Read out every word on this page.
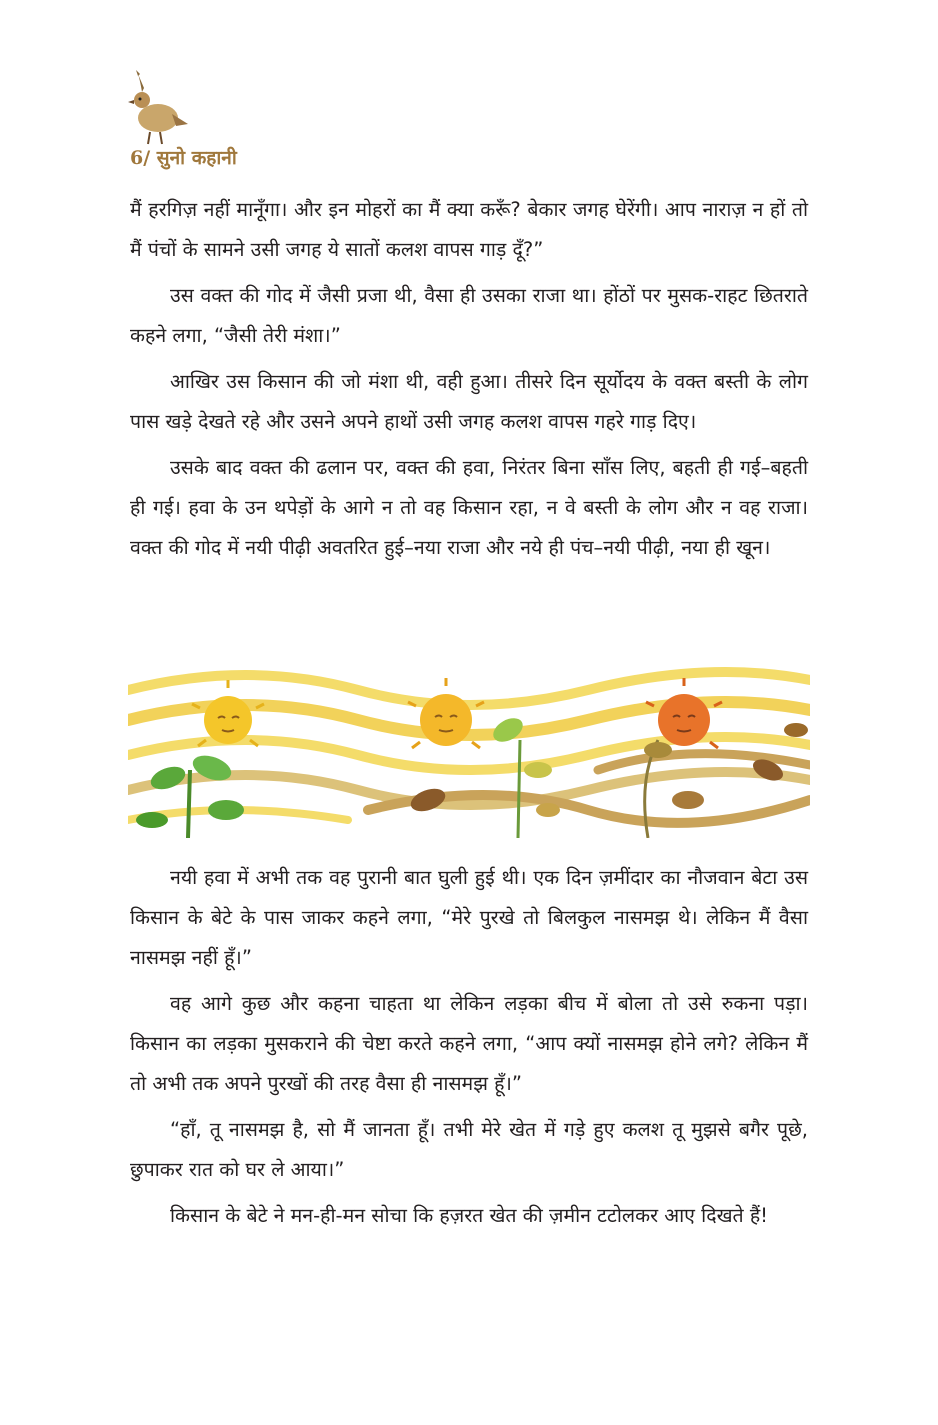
6/ सुनो कहानी

मैं हरगिज़ नहीं मानूँगा। और इन मोहरों का मैं क्या करूँ? बेकार जगह घेरेंगी। आप नाराज़ न हों तो मैं पंचों के सामने उसी जगह ये सातों कलश वापस गाड़ दूँ?”

उस वक्त की गोद में जैसी प्रजा थी, वैसा ही उसका राजा था। होंठों पर मुसक-राहट छितराते कहने लगा, “जैसी तेरी मंशा।”

आखिर उस किसान की जो मंशा थी, वही हुआ। तीसरे दिन सूर्योदय के वक्त बस्ती के लोग पास खड़े देखते रहे और उसने अपने हाथों उसी जगह कलश वापस गहरे गाड़ दिए।

उसके बाद वक्त की ढलान पर, वक्त की हवा, निरंतर बिना साँस लिए, बहती ही गई–बहती ही गई। हवा के उन थपेड़ों के आगे न तो वह किसान रहा, न वे बस्ती के लोग और न वह राजा। वक्त की गोद में नयी पीढ़ी अवतरित हुई–नया राजा और नये ही पंच–नयी पीढ़ी, नया ही खून।

नयी हवा में अभी तक वह पुरानी बात घुली हुई थी। एक दिन ज़मींदार का नौजवान बेटा उस किसान के बेटे के पास जाकर कहने लगा, “मेरे पुरखे तो बिलकुल नासमझ थे। लेकिन मैं वैसा नासमझ नहीं हूँ।”

वह आगे कुछ और कहना चाहता था लेकिन लड़का बीच में बोला तो उसे रुकना पड़ा। किसान का लड़का मुसकराने की चेष्टा करते कहने लगा, “आप क्यों नासमझ होने लगे? लेकिन मैं तो अभी तक अपने पुरखों की तरह वैसा ही नासमझ हूँ।”

“हाँ, तू नासमझ है, सो मैं जानता हूँ। तभी मेरे खेत में गड़े हुए कलश तू मुझसे बगैर पूछे, छुपाकर रात को घर ले आया।”

किसान के बेटे ने मन-ही-मन सोचा कि हज़रत खेत की ज़मीन टटोलकर आए दिखते हैं!
